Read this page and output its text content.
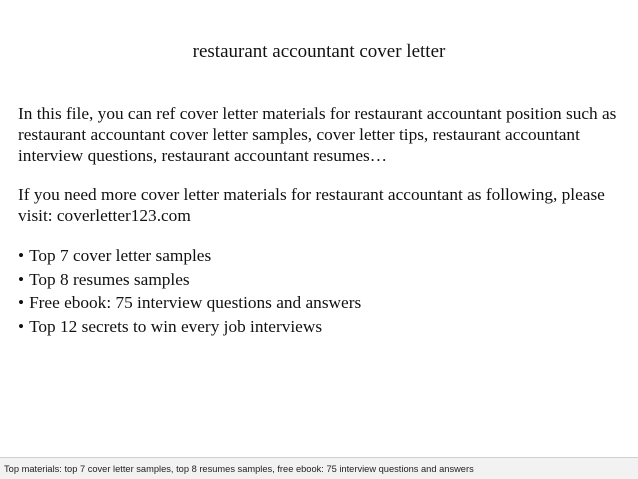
restaurant accountant cover letter

In this file, you can ref cover letter materials for restaurant accountant position such as restaurant accountant cover letter samples, cover letter tips, restaurant accountant interview questions, restaurant accountant resumes…

If you need more cover letter materials for restaurant accountant as following, please visit: coverletter123.com

• Top 7 cover letter samples
• Top 8 resumes samples
• Free ebook: 75 interview questions and answers
• Top 12 secrets to win every job interviews
Top materials: top 7 cover letter samples, top 8 resumes samples, free ebook: 75 interview questions and answers
